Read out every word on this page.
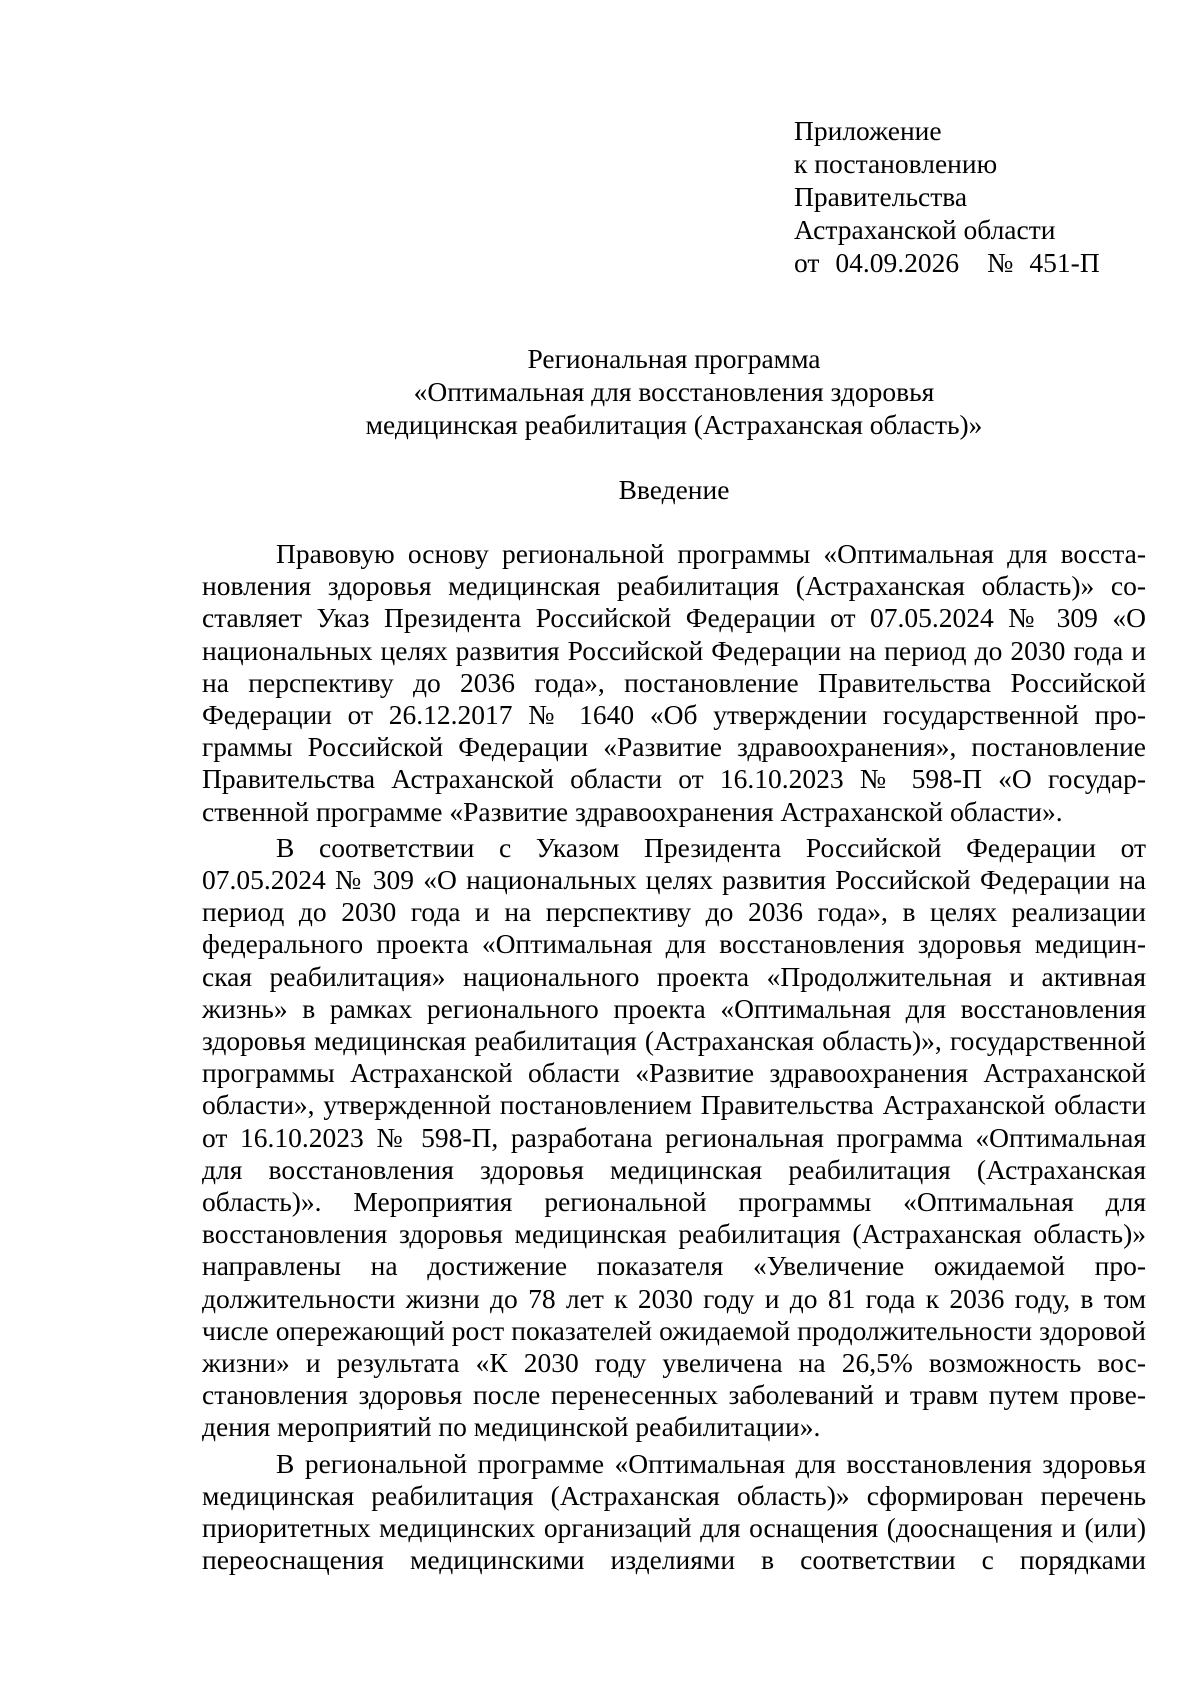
Приложение
к постановлению
Правительства
Астраханской области
от 04.09.2026 № 451-П
Региональная программа
«Оптимальная для восстановления здоровья
медицинская реабилитация (Астраханская область)»
Введение

Правовую основу региональной программы «Оптимальная для восстановления здоровья медицинская реабилитация (Астраханская область)» составляет Указ Президента Российской Федерации от 07.05.2024 № 309 «О национальных целях развития Российской Федерации на период до 2030 года и на перспективу до 2036 года», постановление Правительства Российской Федерации от 26.12.2017 № 1640 «Об утверждении государственной программы Российской Федерации «Развитие здравоохранения», постановление Правительства Астраханской области от 16.10.2023 № 598-П «О государственной программе «Развитие здравоохранения Астраханской области».

В соответствии с Указом Президента Российской Федерации от 07.05.2024 № 309 «О национальных целях развития Российской Федерации на период до 2030 года и на перспективу до 2036 года», в целях реализации федерального проекта «Оптимальная для восстановления здоровья медицинская реабилитация» национального проекта «Продолжительная и активная жизнь» в рамках регионального проекта «Оптимальная для восстановления здоровья медицинская реабилитация (Астраханская область)», государственной программы Астраханской области «Развитие здравоохранения Астраханской области», утвержденной постановлением Правительства Астраханской области от 16.10.2023 № 598-П, разработана региональная программа «Оптимальная для восстановления здоровья медицинская реабилитация (Астраханская область)». Мероприятия региональной программы «Оптимальная для восстановления здоровья медицинская реабилитация (Астраханская область)» направлены на достижение показателя «Увеличение ожидаемой продолжительности жизни до 78 лет к 2030 году и до 81 года к 2036 году, в том числе опережающий рост показателей ожидаемой продолжительности здоровой жизни» и результата «К 2030 году увеличена на 26,5% возможность восстановления здоровья после перенесенных заболеваний и травм путем проведения мероприятий по медицинской реабилитации».

В региональной программе «Оптимальная для восстановления здоровья медицинская реабилитация (Астраханская область)» сформирован перечень приоритетных медицинских организаций для оснащения (дооснащения и (или) переоснащения медицинскими изделиями в соответствии с порядками
